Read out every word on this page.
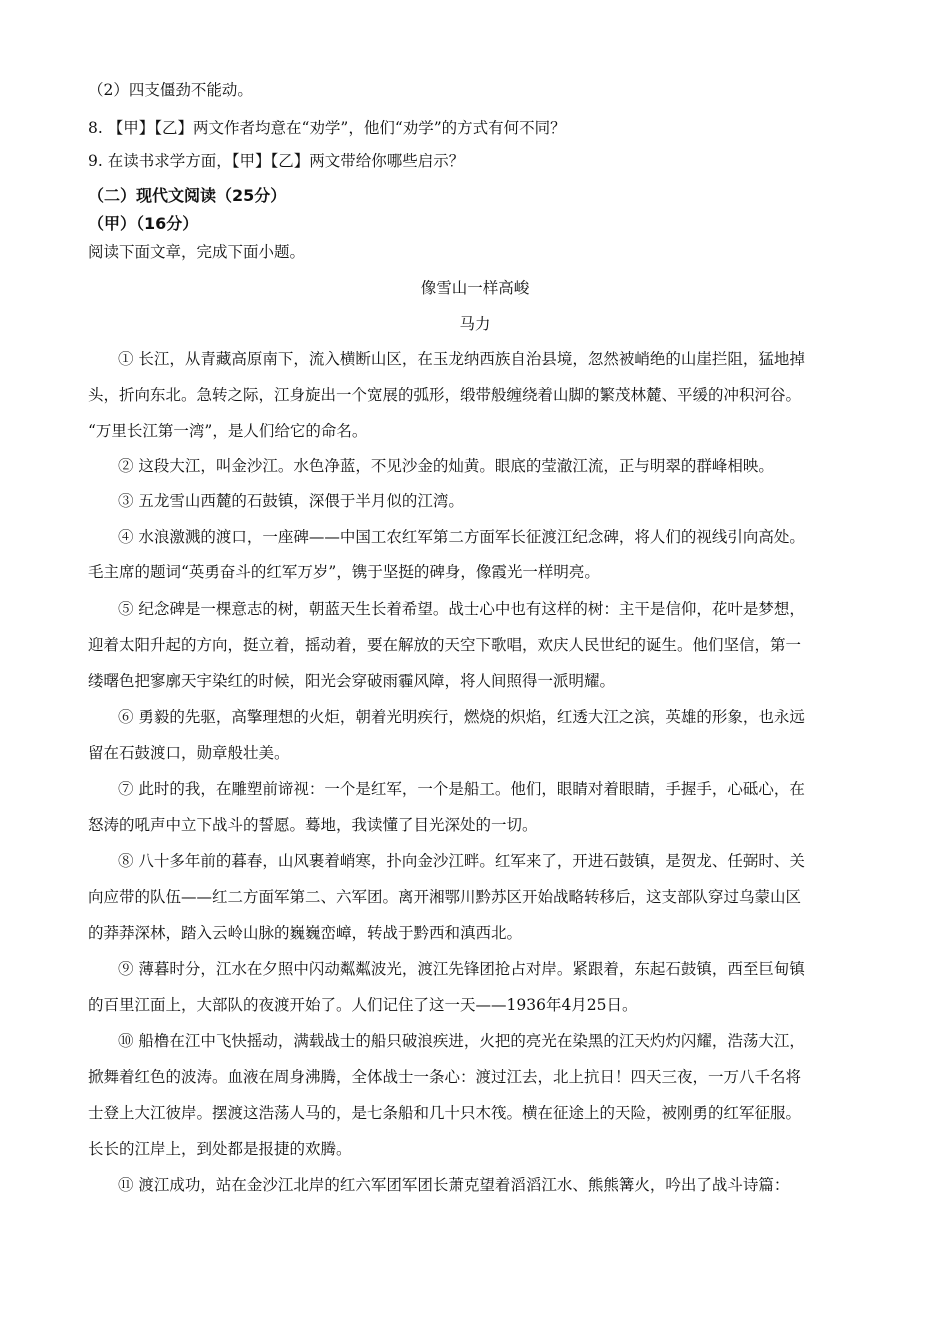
（2）四支僵劲不能动。

8. 【甲】【乙】两文作者均意在“劝学”，他们“劝学”的方式有何不同？

9. 在读书求学方面，【甲】【乙】两文带给你哪些启示？

（二）现代文阅读（25分）

（甲）（16分）

阅读下面文章，完成下面小题。

像雪山一样高峻

马力

① 长江，从青藏高原南下，流入横断山区，在玉龙纳西族自治县境，忽然被峭绝的山崖拦阻，猛地掉

头，折向东北。急转之际，江身旋出一个宽展的弧形，缎带般缠绕着山脚的繁茂林麓、平缓的冲积河谷。

“万里长江第一湾”，是人们给它的命名。

② 这段大江，叫金沙江。水色净蓝，不见沙金的灿黄。眼底的莹澈江流，正与明翠的群峰相映。

③ 五龙雪山西麓的石鼓镇，深偎于半月似的江湾。

④ 水浪激溅的渡口，一座碑——中国工农红军第二方面军长征渡江纪念碑，将人们的视线引向高处。

毛主席的题词“英勇奋斗的红军万岁”，镌于坚挺的碑身，像霞光一样明亮。

⑤ 纪念碑是一棵意志的树，朝蓝天生长着希望。战士心中也有这样的树：主干是信仰，花叶是梦想，

迎着太阳升起的方向，挺立着，摇动着，要在解放的天空下歌唱，欢庆人民世纪的诞生。他们坚信，第一

缕曙色把寥廓天宇染红的时候，阳光会穿破雨霾风障，将人间照得一派明耀。

⑥ 勇毅的先驱，高擎理想的火炬，朝着光明疾行，燃烧的炽焰，红透大江之滨，英雄的形象，也永远

留在石鼓渡口，勋章般壮美。

⑦ 此时的我，在雕塑前谛视：一个是红军，一个是船工。他们，眼睛对着眼睛，手握手，心砥心，在

怒涛的吼声中立下战斗的誓愿。蓦地，我读懂了目光深处的一切。

⑧ 八十多年前的暮春，山风裹着峭寒，扑向金沙江畔。红军来了，开进石鼓镇，是贺龙、任弼时、关

向应带的队伍——红二方面军第二、六军团。离开湘鄂川黔苏区开始战略转移后，这支部队穿过乌蒙山区

的莽莽深林，踏入云岭山脉的巍巍峦嶂，转战于黔西和滇西北。

⑨ 薄暮时分，江水在夕照中闪动粼粼波光，渡江先锋团抢占对岸。紧跟着，东起石鼓镇，西至巨甸镇

的百里江面上，大部队的夜渡开始了。人们记住了这一天——1936年4月25日。

⑩ 船橹在江中飞快摇动，满载战士的船只破浪疾进，火把的亮光在染黑的江天灼灼闪耀，浩荡大江，

掀舞着红色的波涛。血液在周身沸腾，全体战士一条心：渡过江去，北上抗日！四天三夜，一万八千名将

士登上大江彼岸。摆渡这浩荡人马的，是七条船和几十只木筏。横在征途上的天险，被刚勇的红军征服。

长长的江岸上，到处都是报捷的欢腾。

⑪ 渡江成功，站在金沙江北岸的红六军团军团长萧克望着滔滔江水、熊熊篝火，吟出了战斗诗篇：
